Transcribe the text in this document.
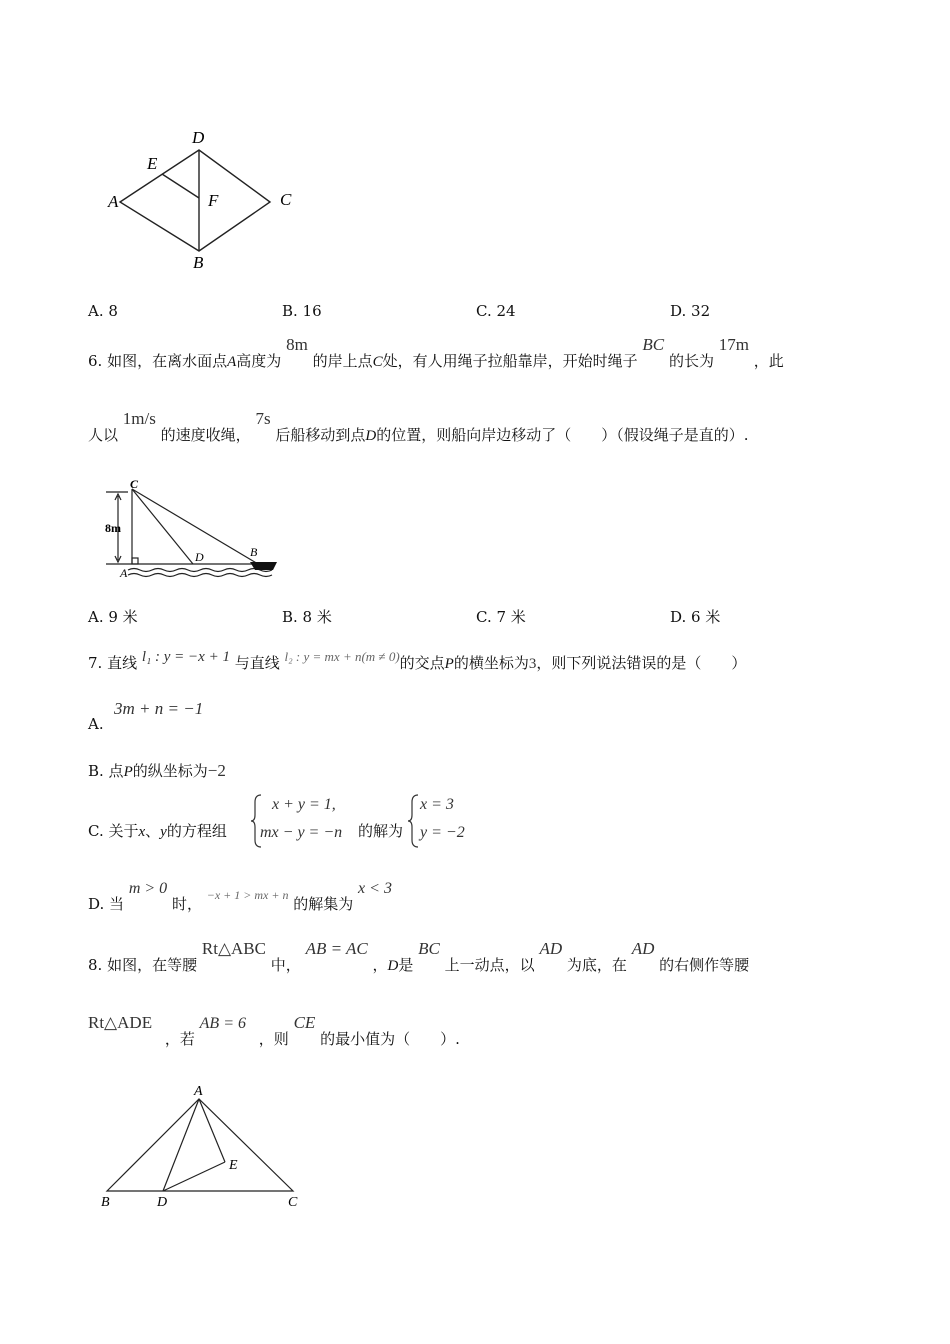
D
E
A	F	C
B
A. 8	B. 16	C. 24	D. 32
6. 如图，在离水面点A高度为 8m 的岸上点C处，有人用绳子拉船靠岸，开始时绳子 BC 的长为 17m ，此
人以 1m/s 的速度收绳， 7s 后船移动到点D的位置，则船向岸边移动了（　　）（假设绳子是直的）.
C
8m
D	B
A
A. 9 米	B. 8 米	C. 7 米	D. 6 米
7. 直线 l₁ : y = −x + 1 与直线 l₂ : y = mx + n(m ≠ 0)的交点P的横坐标为3，则下列说法错误的是（　　）
3m + n = −1
A.
B. 点P的纵坐标为−2
C. 关于x、y的方程组
x + y = 1,
mx − y = −n 的解为
x = 3
y = −2
D. 当 m > 0 时， $^{-x + 1 > mx + n}$ 的解集为 x < 3
8. 如图，在等腰 Rt△ABC 中， AB = AC ，D是 BC 上一动点，以 AD 为底，在 AD 的右侧作等腰
Rt△ADE ，若 AB = 6 ，则 CE 的最小值为（　　）.
A
E
B	D	C
